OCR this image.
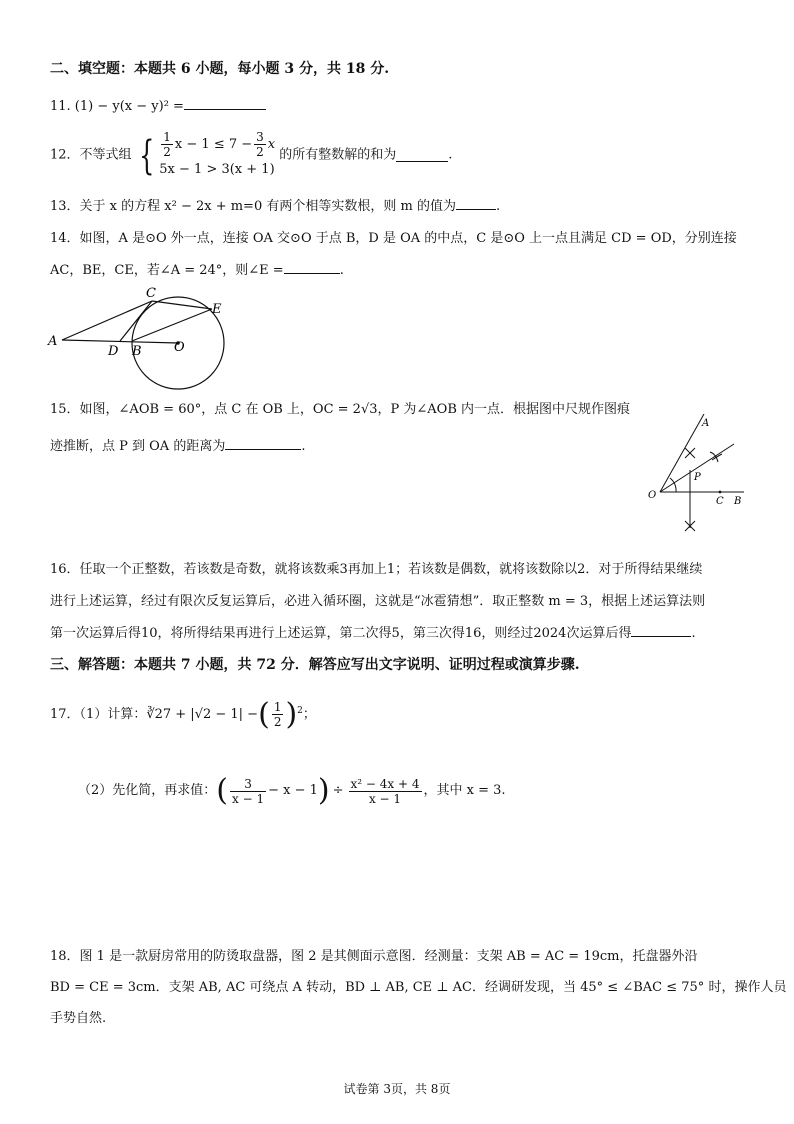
二、填空题：本题共 6 小题，每小题 3 分，共 18 分.
11. (1) − y(x − y)² =
12．不等式组 { $\frac{1}{2}$ $x - 1 \le 7 - \frac{3}{2}$ x
5x − 1 > 3(x + 1)
的所有整数解的和为	.
13．关于 x 的方程 x² − 2x + m=0 有两个相等实数根，则 m 的值为	.
14．如图，A 是⊙O 外一点，连接 OA 交⊙O 于点 B，D 是 OA 的中点，C 是⊙O 上一点且满足 CD = OD，分别连接
AC，BE，CE，若∠A = 24°，则∠E =	.
A
D B
C
E
O
15．如图，∠AOB = 60°，点 C 在 OB 上，OC = 2√3，P 为∠AOB 内一点．根据图中尺规作图痕
迹推断，点 P 到 OA 的距离为	.
O
A
P
C B
16．任取一个正整数，若该数是奇数，就将该数乘3再加上1；若该数是偶数，就将该数除以2．对于所得结果继续
进行上述运算，经过有限次反复运算后，必进入循环圈，这就是“冰雹猜想”．取正整数 m = 3，根据上述运算法则
第一次运算后得10，将所得结果再进行上述运算，第二次得5，第三次得16，则经过2024次运算后得	.
三、解答题：本题共 7 小题，共 72 分．解答应写出文字说明、证明过程或演算步骤.
17．（1）计算：∛27 + |√2 − 1| −( $\frac{1}{2} )^2$；
（2）先化简，再求值：( $\frac{3}{x - 1} - x - 1) \div \frac{\text{x² − 4x + 4}}{x - 1}$ ，其中 x = 3.
18．图 1 是一款厨房常用的防烫取盘器，图 2 是其侧面示意图．经测量：支架 AB = AC = 19cm，托盘器外沿
BD = CE = 3cm．支架 AB, AC 可绕点 A 转动，BD ⊥ AB, CE ⊥ AC．经调研发现，当 45° ≤ ∠BAC ≤ 75° 时，操作人员
手势自然.
试卷第 3页，共 8页
